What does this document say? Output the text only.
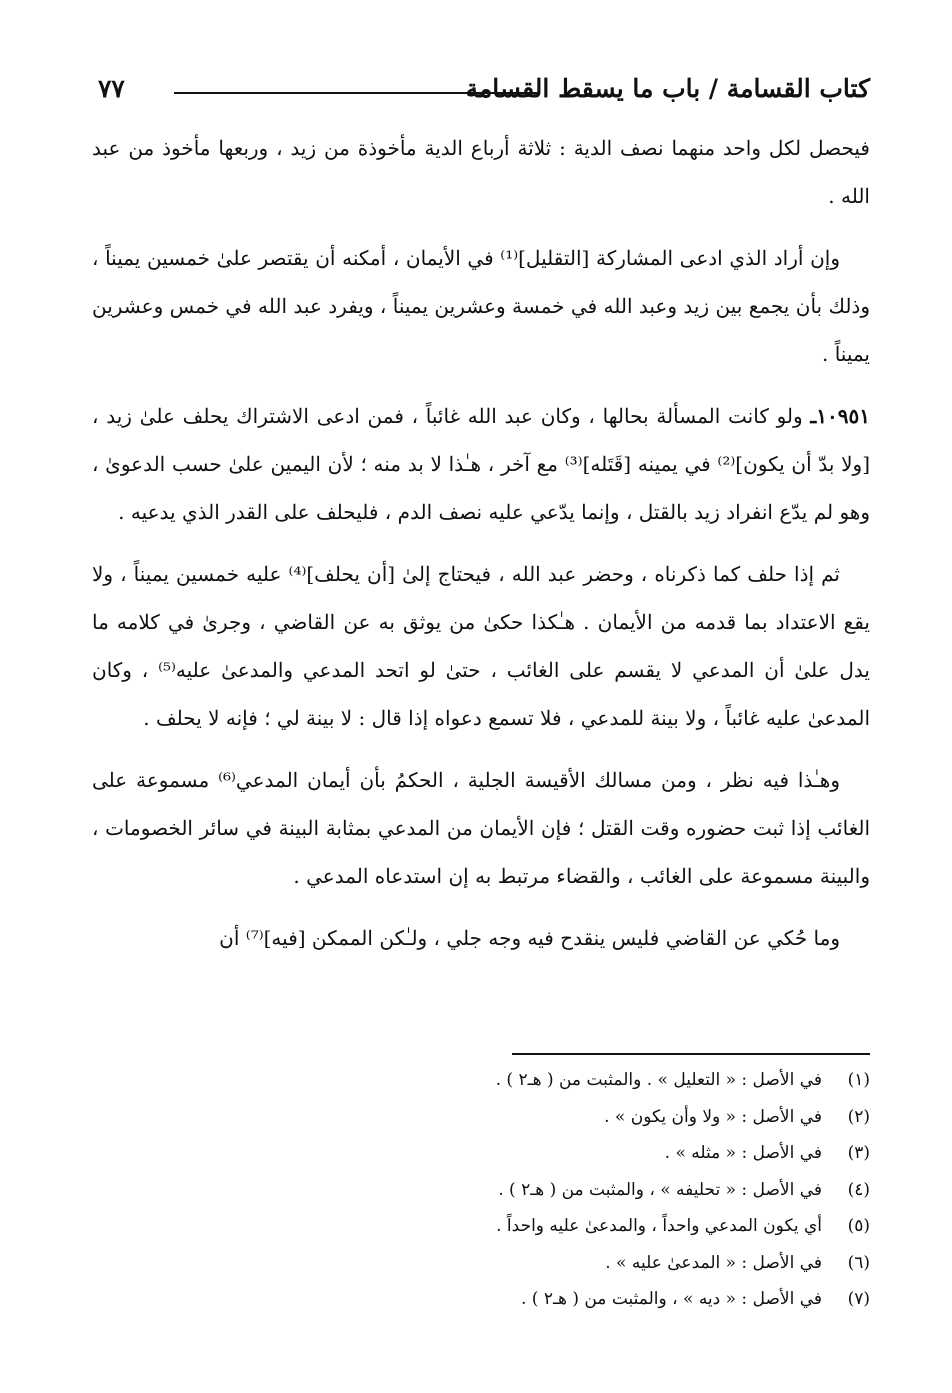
كتاب القسامة / باب ما يسقط القسامة
٧٧

فيحصل لكل واحد منهما نصف الدية : ثلاثة أرباع الدية مأخوذة من زيد ، وربعها مأخوذ من عبد الله .

وإن أراد الذي ادعى المشاركة [التقليل]⁽¹⁾ في الأيمان ، أمكنه أن يقتصر علىٰ خمسين يميناً ، وذلك بأن يجمع بين زيد وعبد الله في خمسة وعشرين يميناً ، ويفرد عبد الله في خمس وعشرين يميناً .

١٠٩٥١ـ ولو كانت المسألة بحالها ، وكان عبد الله غائباً ، فمن ادعى الاشتراك يحلف علىٰ زيد ، [ولا بدّ أن يكون]⁽²⁾ في يمينه [قَتَله]⁽³⁾ مع آخر ، هـٰذا لا بد منه ؛ لأن اليمين علىٰ حسب الدعوىٰ ، وهو لم يدّع انفراد زيد بالقتل ، وإنما يدّعي عليه نصف الدم ، فليحلف على القدر الذي يدعيه .

ثم إذا حلف كما ذكرناه ، وحضر عبد الله ، فيحتاج إلىٰ [أن يحلف]⁽⁴⁾ عليه خمسين يميناً ، ولا يقع الاعتداد بما قدمه من الأيمان . هـٰكذا حكىٰ من يوثق به عن القاضي ، وجرىٰ في كلامه ما يدل علىٰ أن المدعي لا يقسم على الغائب ، حتىٰ لو اتحد المدعي والمدعىٰ عليه⁽⁵⁾ ، وكان المدعىٰ عليه غائباً ، ولا بينة للمدعي ، فلا تسمع دعواه إذا قال : لا بينة لي ؛ فإنه لا يحلف .

وهـٰذا فيه نظر ، ومن مسالك الأقيسة الجلية ، الحكمُ بأن أيمان المدعي⁽⁶⁾ مسموعة على الغائب إذا ثبت حضوره وقت القتل ؛ فإن الأيمان من المدعي بمثابة البينة في سائر الخصومات ، والبينة مسموعة على الغائب ، والقضاء مرتبط به إن استدعاه المدعي .

وما حُكي عن القاضي فليس ينقدح فيه وجه جلي ، ولـٰكن الممكن [فيه]⁽⁷⁾ أن

(١)في الأصل : « التعليل » . والمثبت من ( هـ٢ ) .
(٢)في الأصل : « ولا وأن يكون » .
(٣)في الأصل : « مثله » .
(٤)في الأصل : « تحليفه » ، والمثبت من ( هـ٢ ) .
(٥)أي يكون المدعي واحداً ، والمدعىٰ عليه واحداً .
(٦)في الأصل : « المدعىٰ عليه » .
(٧)في الأصل : « ديه » ، والمثبت من ( هـ٢ ) .
